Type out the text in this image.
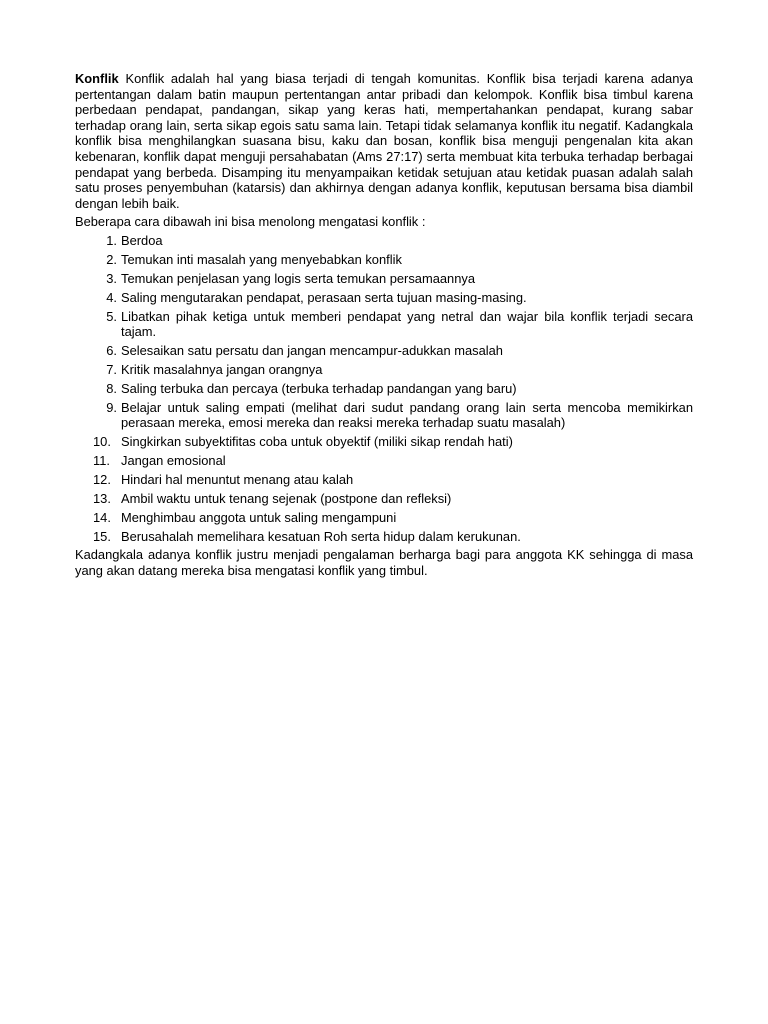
Konflik Konflik adalah hal yang biasa terjadi di tengah komunitas. Konflik bisa terjadi karena adanya pertentangan dalam batin maupun pertentangan antar pribadi dan kelompok. Konflik bisa timbul karena perbedaan pendapat, pandangan, sikap yang keras hati, mempertahankan pendapat, kurang sabar terhadap orang lain, serta sikap egois satu sama lain. Tetapi tidak selamanya konflik itu negatif. Kadangkala konflik bisa menghilangkan suasana bisu, kaku dan bosan, konflik bisa menguji pengenalan kita akan kebenaran, konflik dapat menguji persahabatan (Ams 27:17) serta membuat kita terbuka terhadap berbagai pendapat yang berbeda. Disamping itu menyampaikan ketidak setujuan atau ketidak puasan adalah salah satu proses penyembuhan (katarsis) dan akhirnya dengan adanya konflik, keputusan bersama bisa diambil dengan lebih baik.

Beberapa cara dibawah ini bisa menolong mengatasi konflik :

1. Berdoa
2. Temukan inti masalah yang menyebabkan konflik
3. Temukan penjelasan yang logis serta temukan persamaannya
4. Saling mengutarakan pendapat, perasaan serta tujuan masing-masing.
5. Libatkan pihak ketiga untuk memberi pendapat yang netral dan wajar bila konflik terjadi secara tajam.
6. Selesaikan satu persatu dan jangan mencampur-adukkan masalah
7. Kritik masalahnya jangan orangnya
8. Saling terbuka dan percaya (terbuka terhadap pandangan yang baru)
9. Belajar untuk saling empati (melihat dari sudut pandang orang lain serta mencoba memikirkan perasaan mereka, emosi mereka dan reaksi mereka terhadap suatu masalah)
10. Singkirkan subyektifitas coba untuk obyektif (miliki sikap rendah hati)
11. Jangan emosional
12. Hindari hal menuntut menang atau kalah
13. Ambil waktu untuk tenang sejenak (postpone dan refleksi)
14. Menghimbau anggota untuk saling mengampuni
15. Berusahalah memelihara kesatuan Roh serta hidup dalam kerukunan.

Kadangkala adanya konflik justru menjadi pengalaman berharga bagi para anggota KK sehingga di masa yang akan datang mereka bisa mengatasi konflik yang timbul.
